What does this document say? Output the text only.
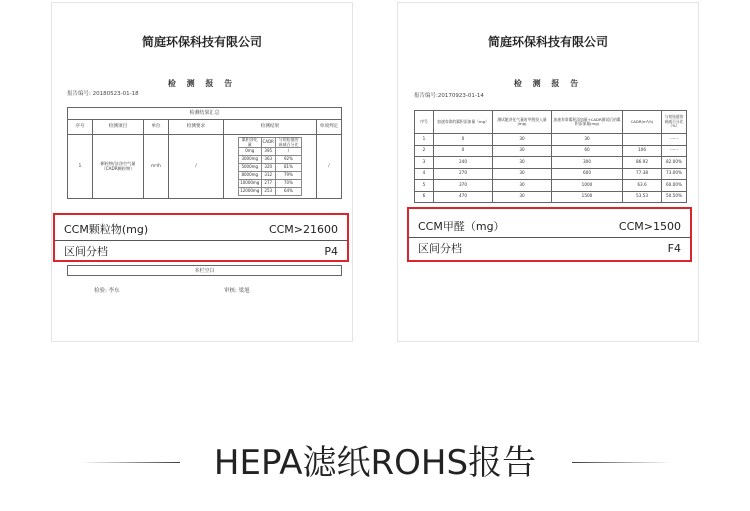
简庭环保科技有限公司
检 测 报 告
报告编号: 20180523-01-18
检测结果汇总
序号	检测项目	单位	检测要求	检测结果	单项判定
1	颗粒物/洁净空气量（CADR颗粒物）	m³/h	/	
累积净化量	CADR	与初始值的衰减百分比
0mg	395	/
3000mg	363	92%
5000mg	320	81%
8000mg	312	79%
10000mg	277	70%
12000mg	253	64%
	/
本栏空白
检验: 李东	审核: 梁旭
简庭环保科技有限公司
检 测 报 告
报告编号:20170923-01-14
序号	加速寿命的累积添加量（mg）	测试舱净化气量时甲醛投入量(mg)	加速寿命累积添加量+CADR测试后的累积添加量(mg)	CADR(m³/h)	与初始值的衰减百分比（%）
1	0	30	30		······
2	0	30	60	106	······
3	240	30	300	86.92	82.00%
4	270	30	600	77.38	73.00%
5	370	30	1000	63.6	60.00%
6	470	30	1500	53.53	50.50%
CCM颗粒物(mg)	CCM>21600
区间分档	P4
CCM甲醛（mg）	CCM>1500
区间分档	F4
HEPA滤纸ROHS报告
